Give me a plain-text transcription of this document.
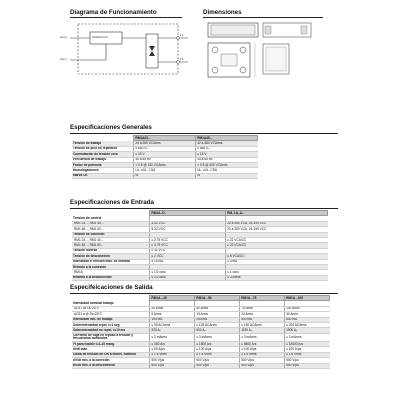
Diagrama de Funcionamiento	Dimensiones
Señal/Control
A1(+)
A2(-)
L1
T1
Especificaciones Generales
	RM1A23...	RM1A48...
Tensión de trabajo	24 a 265 VCArms	42 a 480 VCArms
Tensión de pico no repetitiva	≥ 650 Vₚ	≥ 850 Vₚ
Conmutación de tensión cero	≤ 15 V	≤ 15 V
Frecuencia de trabajo	45 a 65 Hz	45 a 65 Hz
Factor de potencia	> 0.5 @ 230 VCArms	> 0.5 @ 400 VCArms
Homologaciones	UL, cUL, CSA	UL, cUL, CSA
Marca CE	Si	Si
Especificaciones de Entrada
	RM1A..D..	RM..1A..A..
Tensión de control		
RM1 23..., RM1 40...	3-32 VCC	20 a 280 VCA, 24-190 VCC
RM1 48..., RM1 60...	5-32 VCC	20 a 280 VCA, 24-190 VCC
Tensión de conexión		
RM1 23..., RM1 40...	≥ 2.75 VCC	≥ 22 VCA/CC
RM1 48..., RM1 60...	≥ 3.75 VCC	≥ 22 VCA/CC
Tensión inversa	≥ 32 VCC	-
Tensión de desconexión	≤ 2 VCC	≤ 8 VCA/CC
Intensidad P. tensión max. de entrada	≤ 15 mA	≤ 5 mA
Retardo a la conexión		
RM1A	≤ 1/2 ciclo	≤ 1 ciclo
Retardo a la desconexión	≤ 1/2 ciclo	≤ 3 ciclos
Especifeicaciones de Salida
	RM1A...25	RM1A...50	RM1A...75	RM1A...100
Intensidad nominal trabajo				
AC51 @ Ta=25°C	25 Arms	50 Arms	75 Arms	100 Arms
AC53 a @ Ta=25°C	5 Arms	15 Arms	20 Arms	30 Arms
Intensidad mín. de trabajo	150 mA	250 mA	400 mA	500 mA
Sobreintensidad repet. t=1 seg.	≤ 35 ACArms	≤ 125 ACArms	≤ 150 ACArms	≤ 200 ACArms
Sobreintensidad no repet. t=10 ms	325 Aₚ	600 Aₚ	1150 Aₚ	1900 Aₚ
Corriente de fuga en reposo a tensión y frecuencias nominales	≤ 3 mArms	≤ 3 mArms	≤ 3 mArms	≤ 3 mArms
I²t para fusible t=1-10 mseg.	≤ 450 A²s	≤ 1800 A²s	≤ 6600 A²s	≤ 18000 A²s
di/dt max.	≤ 50 A/µs	≤ 100 A/µs	≤ 100 A/µs	≤ 100 A/µs
Caída de tensión on ON a intens. nominal	≤ 1.6 Vrms	≤ 1.6 Vrms	≤ 1.6 Vrms	≤ 1.6 Vrms
dV/dt mín. a la conexión	500 V/µs	500 V/µs	500 V/µs	500 V/µs
dV/dt mín. a la desconexión	500 V/µs	500 V/µs	500 V/µs	500 V/µs
